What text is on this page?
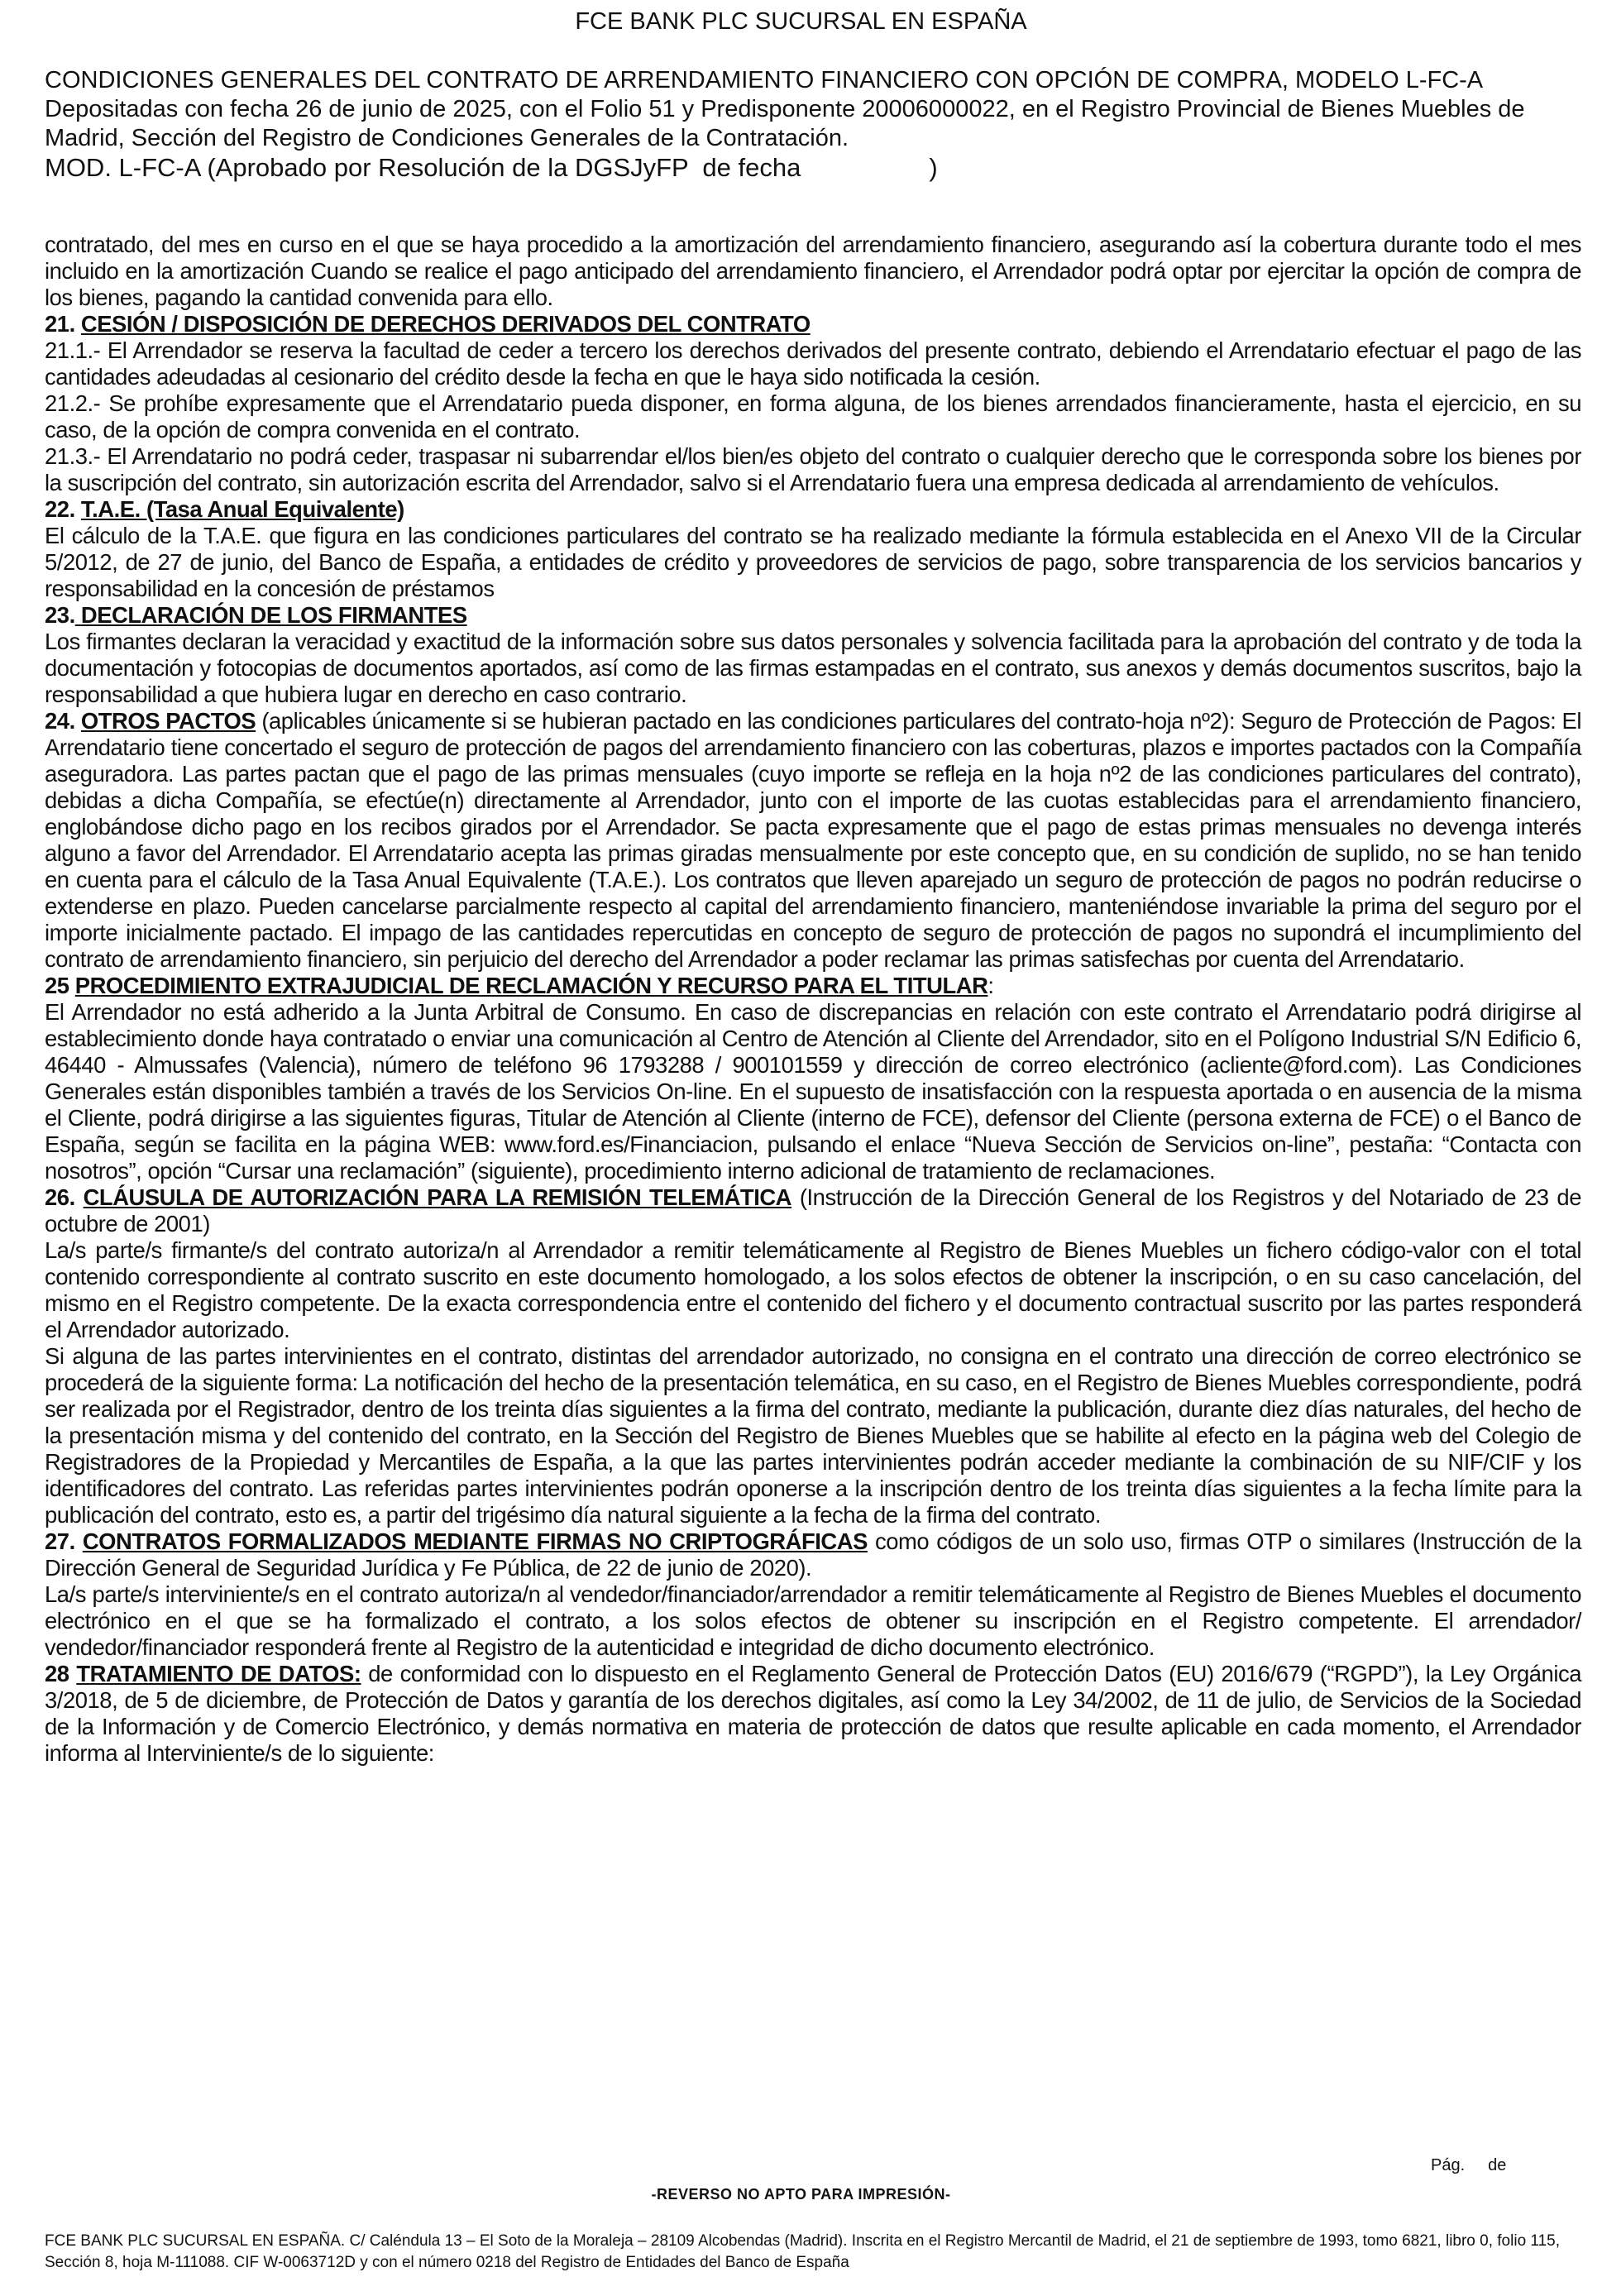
FCE BANK PLC SUCURSAL EN ESPAÑA
CONDICIONES GENERALES DEL CONTRATO DE ARRENDAMIENTO FINANCIERO CON OPCIÓN DE COMPRA, MODELO L-FC-A
Depositadas con fecha 26 de junio de 2025, con el Folio 51 y Predisponente 20006000022, en el Registro Provincial de Bienes Muebles de Madrid, Sección del Registro de Condiciones Generales de la Contratación.
MOD. L-FC-A (Aprobado por Resolución de la DGSJyFP  de fecha                  )

contratado, del mes en curso en el que se haya procedido a la amortización del arrendamiento financiero, asegurando así la cobertura durante todo el mes incluido en la amortización Cuando se realice el pago anticipado del arrendamiento financiero, el Arrendador podrá optar por ejercitar la opción de compra de los bienes, pagando la cantidad convenida para ello.

21. CESIÓN / DISPOSICIÓN DE DERECHOS DERIVADOS DEL CONTRATO

21.1.- El Arrendador se reserva la facultad de ceder a tercero los derechos derivados del presente contrato, debiendo el Arrendatario efectuar el pago de las cantidades adeudadas al cesionario del crédito desde la fecha en que le haya sido notificada la cesión.

21.2.- Se prohíbe expresamente que el Arrendatario pueda disponer, en forma alguna, de los bienes arrendados financieramente, hasta el ejercicio, en su caso, de la opción de compra convenida en el contrato.

21.3.- El Arrendatario no podrá ceder, traspasar ni subarrendar el/los bien/es objeto del contrato o cualquier derecho que le corresponda sobre los bienes por la suscripción del contrato, sin autorización escrita del Arrendador, salvo si el Arrendatario fuera una empresa dedicada al arrendamiento de vehículos.

22. T.A.E. (Tasa Anual Equivalente)

El cálculo de la T.A.E. que figura en las condiciones particulares del contrato se ha realizado mediante la fórmula establecida en el Anexo VII de la Circular 5/2012, de 27 de junio, del Banco de España, a entidades de crédito y proveedores de servicios de pago, sobre transparencia de los servicios bancarios y responsabilidad en la concesión de préstamos

23. DECLARACIÓN DE LOS FIRMANTES

Los firmantes declaran la veracidad y exactitud de la información sobre sus datos personales y solvencia facilitada para la aprobación del contrato y de toda la documentación y fotocopias de documentos aportados, así como de las firmas estampadas en el contrato, sus anexos y demás documentos suscritos, bajo la responsabilidad a que hubiera lugar en derecho en caso contrario.

24. OTROS PACTOS (aplicables únicamente si se hubieran pactado en las condiciones particulares del contrato-hoja nº2): Seguro de Protección de Pagos: El Arrendatario tiene concertado el seguro de protección de pagos del arrendamiento financiero con las coberturas, plazos e importes pactados con la Compañía aseguradora. Las partes pactan que el pago de las primas mensuales (cuyo importe se refleja en la hoja nº2 de las condiciones particulares del contrato), debidas a dicha Compañía, se efectúe(n) directamente al Arrendador, junto con el importe de las cuotas establecidas para el arrendamiento financiero, englobándose dicho pago en los recibos girados por el Arrendador. Se pacta expresamente que el pago de estas primas mensuales no devenga interés alguno a favor del Arrendador. El Arrendatario acepta las primas giradas mensualmente por este concepto que, en su condición de suplido, no se han tenido en cuenta para el cálculo de la Tasa Anual Equivalente (T.A.E.). Los contratos que lleven aparejado un seguro de protección de pagos no podrán reducirse o extenderse en plazo. Pueden cancelarse parcialmente respecto al capital del arrendamiento financiero, manteniéndose invariable la prima del seguro por el importe inicialmente pactado. El impago de las cantidades repercutidas en concepto de seguro de protección de pagos no supondrá el incumplimiento del contrato de arrendamiento financiero, sin perjuicio del derecho del Arrendador a poder reclamar las primas satisfechas por cuenta del Arrendatario.

25 PROCEDIMIENTO EXTRAJUDICIAL DE RECLAMACIÓN Y RECURSO PARA EL TITULAR:

El Arrendador no está adherido a la Junta Arbitral de Consumo. En caso de discrepancias en relación con este contrato el Arrendatario podrá dirigirse al establecimiento donde haya contratado o enviar una comunicación al Centro de Atención al Cliente del Arrendador, sito en el Polígono Industrial S/N Edificio 6, 46440 - Almussafes (Valencia), número de teléfono 96 1793288 / 900101559 y dirección de correo electrónico (acliente@ford.com). Las Condiciones Generales están disponibles también a través de los Servicios On-line. En el supuesto de insatisfacción con la respuesta aportada o en ausencia de la misma el Cliente, podrá dirigirse a las siguientes figuras, Titular de Atención al Cliente (interno de FCE), defensor del Cliente (persona externa de FCE) o el Banco de España, según se facilita en la página WEB: www.ford.es/Financiacion, pulsando el enlace “Nueva Sección de Servicios on-line”, pestaña: “Contacta con nosotros”, opción “Cursar una reclamación” (siguiente), procedimiento interno adicional de tratamiento de reclamaciones.

26. CLÁUSULA DE AUTORIZACIÓN PARA LA REMISIÓN TELEMÁTICA (Instrucción de la Dirección General de los Registros y del Notariado de 23 de octubre de 2001)

La/s parte/s firmante/s del contrato autoriza/n al Arrendador a remitir telemáticamente al Registro de Bienes Muebles un fichero código-valor con el total contenido correspondiente al contrato suscrito en este documento homologado, a los solos efectos de obtener la inscripción, o en su caso cancelación, del mismo en el Registro competente. De la exacta correspondencia entre el contenido del fichero y el documento contractual suscrito por las partes responderá el Arrendador autorizado.

Si alguna de las partes intervinientes en el contrato, distintas del arrendador autorizado, no consigna en el contrato una dirección de correo electrónico se procederá de la siguiente forma: La notificación del hecho de la presentación telemática, en su caso, en el Registro de Bienes Muebles correspondiente, podrá ser realizada por el Registrador, dentro de los treinta días siguientes a la firma del contrato, mediante la publicación, durante diez días naturales, del hecho de la presentación misma y del contenido del contrato, en la Sección del Registro de Bienes Muebles que se habilite al efecto en la página web del Colegio de Registradores de la Propiedad y Mercantiles de España, a la que las partes intervinientes podrán acceder mediante la combinación de su NIF/CIF y los identificadores del contrato. Las referidas partes intervinientes podrán oponerse a la inscripción dentro de los treinta días siguientes a la fecha límite para la publicación del contrato, esto es, a partir del trigésimo día natural siguiente a la fecha de la firma del contrato.

27. CONTRATOS FORMALIZADOS MEDIANTE FIRMAS NO CRIPTOGRÁFICAS como códigos de un solo uso, firmas OTP o similares (Instrucción de la Dirección General de Seguridad Jurídica y Fe Pública, de 22 de junio de 2020).

La/s parte/s interviniente/s en el contrato autoriza/n al vendedor/financiador/arrendador a remitir telemáticamente al Registro de Bienes Muebles el documento electrónico en el que se ha formalizado el contrato, a los solos efectos de obtener su inscripción en el Registro competente. El arrendador/ vendedor/financiador responderá frente al Registro de la autenticidad e integridad de dicho documento electrónico.

28 TRATAMIENTO DE DATOS: de conformidad con lo dispuesto en el Reglamento General de Protección Datos (EU) 2016/679 (“RGPD”), la Ley Orgánica 3/2018, de 5 de diciembre, de Protección de Datos y garantía de los derechos digitales, así como la Ley 34/2002, de 11 de julio, de Servicios de la Sociedad de la Información y de Comercio Electrónico, y demás normativa en materia de protección de datos que resulte aplicable en cada momento, el Arrendador informa al Interviniente/s de lo siguiente:

Pág. de
-REVERSO NO APTO PARA IMPRESIÓN-
FCE BANK PLC SUCURSAL EN ESPAÑA. C/ Caléndula 13 – El Soto de la Moraleja – 28109 Alcobendas (Madrid). Inscrita en el Registro Mercantil de Madrid, el 21 de septiembre de 1993, tomo 6821, libro 0, folio 115, Sección 8, hoja M-111088. CIF W-0063712D y con el número 0218 del Registro de Entidades del Banco de España
